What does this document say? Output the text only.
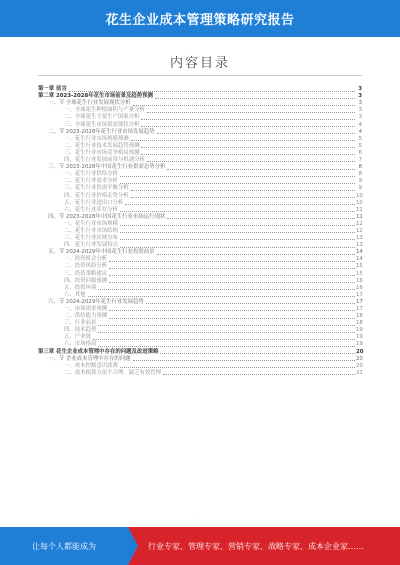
花生企业成本管理策略研究报告
内容目录
第一章 前言	3
第二章 2023-2028年花生市场前景及趋势预测	3
一、节 全球花生行业发展现状分析	3
一、全球花生种植面积与产量分析	3
二、全球花生主要生产国家分析	3
三、全球花生市场供需现状分析	4
二、节 2023-2028年花生行业市场发展趋势	4
一、花生行业市场规模预测	5
二、花生行业技术发展趋势预测	5
三、花生行业市场竞争格局预测	6
四、花生行业发展前景与机遇分析	7
三、节 2023-2028年中国花生行业供需态势分析	8
一、花生行业供给分析	8
二、花生行业需求分析	9
三、花生行业供需平衡分析	9
四、花生行业价格走势分析	10
五、花生行业进出口分析	10
六、花生行业库存分析	11
四、节 2023-2028年中国花生行业市场运行现状	11
一、花生行业市场规模	12
二、花生行业市场结构	12
三、花生行业区域分布	13
四、花生行业发展特点	13
五、节 2024-2029年中国花生行业投资前景	14
一、投资机会分析	14
二、投资风险分析	15
三、投资策略建议	15
四、投资回报预测	16
五、投资环境	16
六、其他	17
六、节 2024-2029年花生行业发展趋势	17
一、市场需求预测	17
二、供给能力预测	18
三、行业前景	18
四、技术趋势	19
五、产业链	19
六、市场格局	19
第三章 花生企业成本管理中存在的问题及改进策略	20
一、节 企业成本管理中存在的问题	20
一、成本控制意识淡薄	20
二、成本核算方法不合理，缺乏有效管理	21
·
让每个人都能成为	行业专家、管理专家、营销专家、战略专家、成本企业家……
